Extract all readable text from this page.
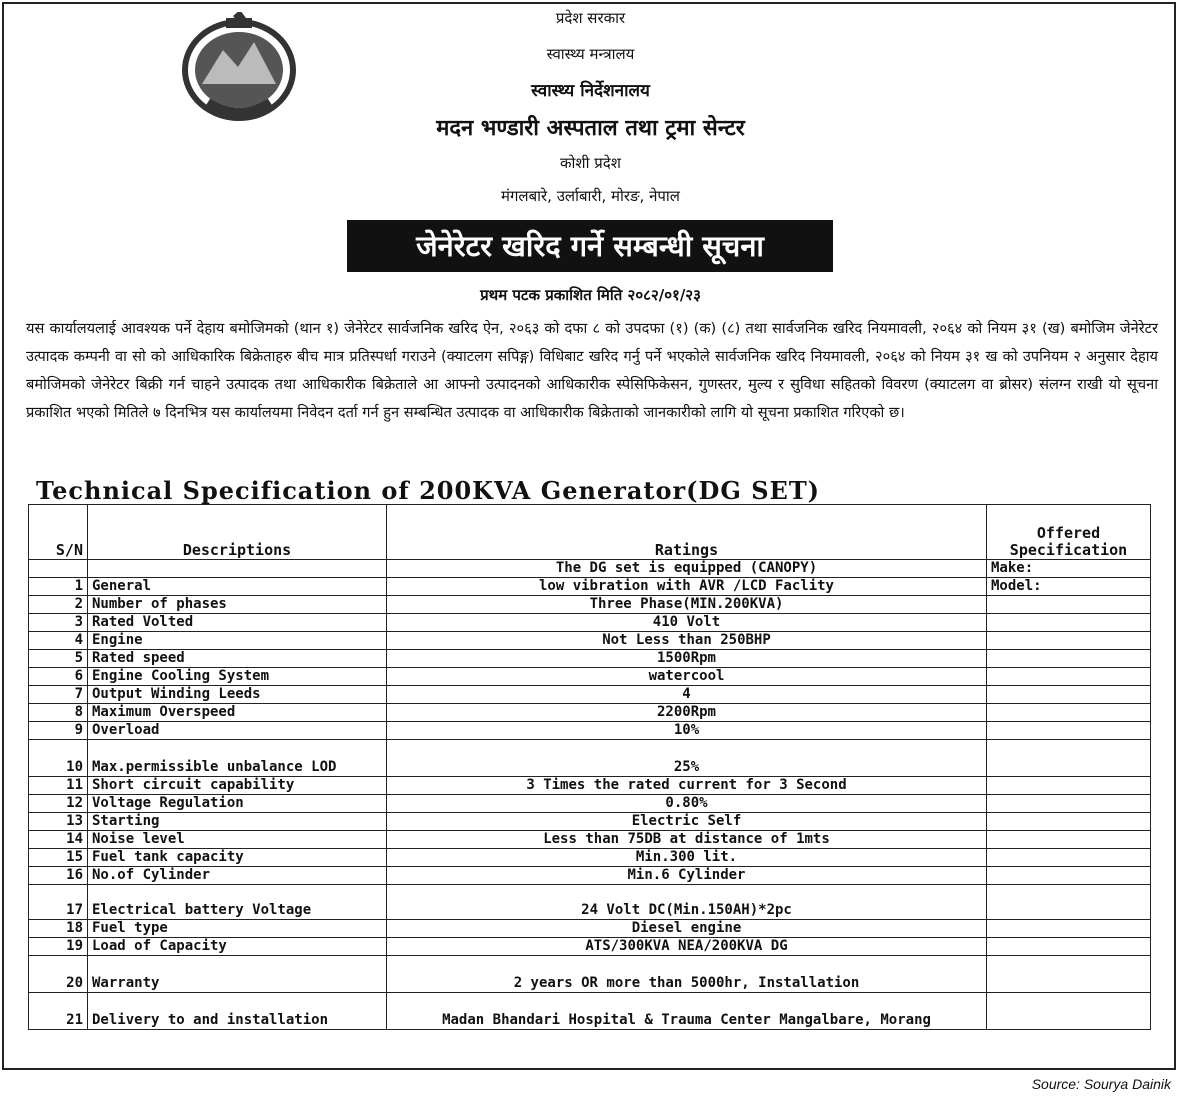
प्रदेश सरकार
स्वास्थ्य मन्त्रालय
स्वास्थ्य निर्देशनालय
मदन भण्डारी अस्पताल तथा ट्रमा सेन्टर
कोशी प्रदेश
मंगलबारे, उर्लाबारी, मोरङ, नेपाल
जेनेरेटर खरिद गर्ने सम्बन्धी सूचना
प्रथम पटक प्रकाशित मिति २०८२/०१/२३
यस कार्यालयलाई आवश्यक पर्ने देहाय बमोजिमको (थान १) जेनेरेटर सार्वजनिक खरिद ऐन, २०६३ को दफा ८ को उपदफा (१) (क) (८) तथा सार्वजनिक खरिद नियमावली, २०६४ को नियम ३१ (ख) बमोजिम जेनेरेटर उत्पादक कम्पनी वा सो को आधिकारिक बिक्रेताहरु बीच मात्र प्रतिस्पर्धा गराउने (क्याटलग सपिङ्ग) विधिबाट खरिद गर्नु पर्ने भएकोले सार्वजनिक खरिद नियमावली, २०६४ को नियम ३१ ख को उपनियम २ अनुसार देहाय बमोजिमको जेनेरेटर बिक्री गर्न चाहने उत्पादक तथा आधिकारीक बिक्रेताले आ आफ्नो उत्पादनको आधिकारीक स्पेसिफिकेसन, गुणस्तर, मुल्य र सुविधा सहितको विवरण (क्याटलग वा ब्रोसर) संलग्न राखी यो सूचना प्रकाशित भएको मितिले ७ दिनभित्र यस कार्यालयमा निवेदन दर्ता गर्न हुन सम्बन्धित उत्पादक वा आधिकारीक बिक्रेताको जानकारीको लागि यो सूचना प्रकाशित गरिएको छ।
Technical Specification of 200KVA Generator(DG SET)
S/N	Descriptions	Ratings	Offered Specification
		The DG set is equipped (CANOPY)	Make:
1	General	low vibration with AVR /LCD Faclity	Model:
2	Number of phases	Three Phase(MIN.200KVA)	
3	Rated Volted	410 Volt	
4	Engine	Not Less than 250BHP	
5	Rated speed	1500Rpm	
6	Engine Cooling System	watercool	
7	Output Winding Leeds	4	
8	Maximum Overspeed	2200Rpm	
9	Overload	10%	
10	Max.permissible unbalance LOD	25%	
11	Short circuit capability	3 Times the rated current for 3 Second	
12	Voltage Regulation	0.80%	
13	Starting	Electric Self	
14	Noise level	Less than 75DB at distance of 1mts	
15	Fuel tank capacity	Min.300 lit.	
16	No.of Cylinder	Min.6 Cylinder	
17	Electrical battery Voltage	24 Volt DC(Min.150AH)*2pc	
18	Fuel type	Diesel engine	
19	Load of Capacity	ATS/300KVA NEA/200KVA DG	
20	Warranty	2 years OR more than 5000hr, Installation	
21	Delivery to and installation	Madan Bhandari Hospital & Trauma Center Mangalbare, Morang	
Source: Sourya Dainik
